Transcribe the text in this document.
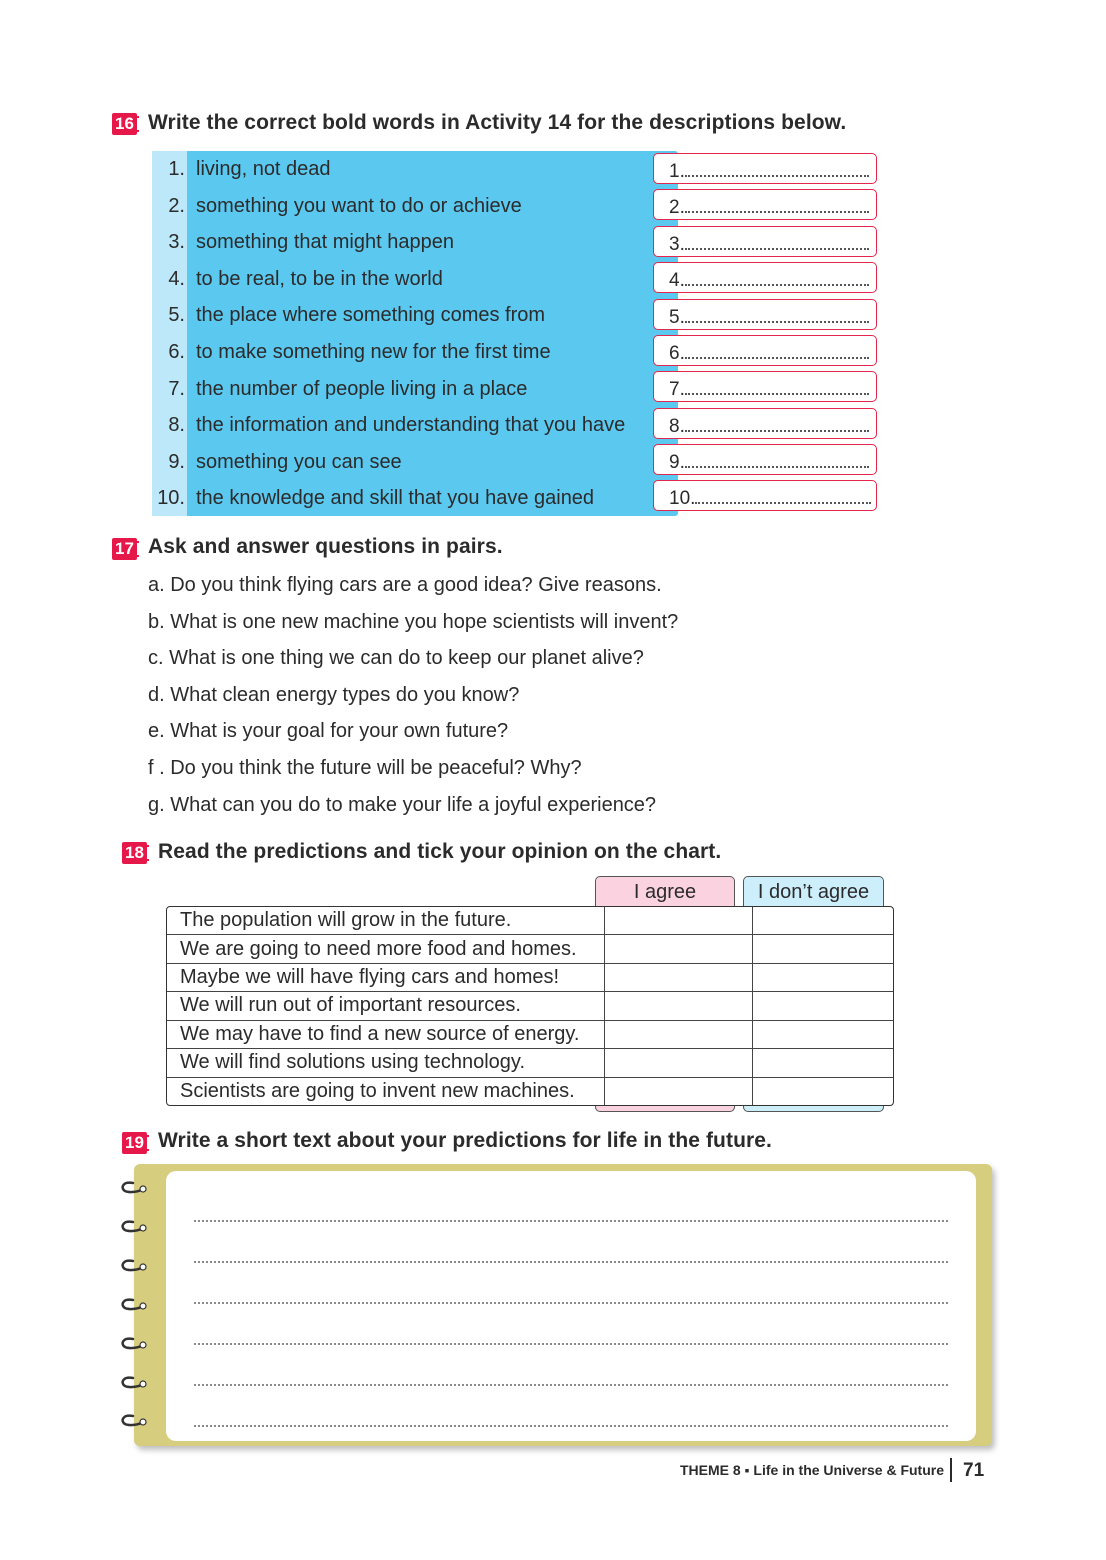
16 Write the correct bold words in Activity 14 for the descriptions below.
1. living, not dead
2. something you want to do or achieve
3. something that might happen
4. to be real, to be in the world
5. the place where something comes from
6. to make something new for the first time
7. the number of people living in a place
8. the information and understanding that you have
9. something you can see
10. the knowledge and skill that you have gained
1.
2.
3.
4.
5.
6.
7.
8.
9.
10.
17 Ask and answer questions in pairs.
a. Do you think flying cars are a good idea? Give reasons.
b. What is one new machine you hope scientists will invent?
c. What is one thing we can do to keep our planet alive?
d. What clean energy types do you know?
e. What is your goal for your own future?
f . Do you think the future will be peaceful? Why?
g. What can you do to make your life a joyful experience?
18 Read the predictions and tick your opinion on the chart.
I agree	I don’t agree
The population will grow in the future.		
We are going to need more food and homes.		
Maybe we will have flying cars and homes!		
We will run out of important resources.		
We may have to find a new source of energy.		
We will find solutions using technology.		
Scientists are going to invent new machines.		
19 Write a short text about your predictions for life in the future.
THEME 8 ▪ Life in the Universe & Future 71
